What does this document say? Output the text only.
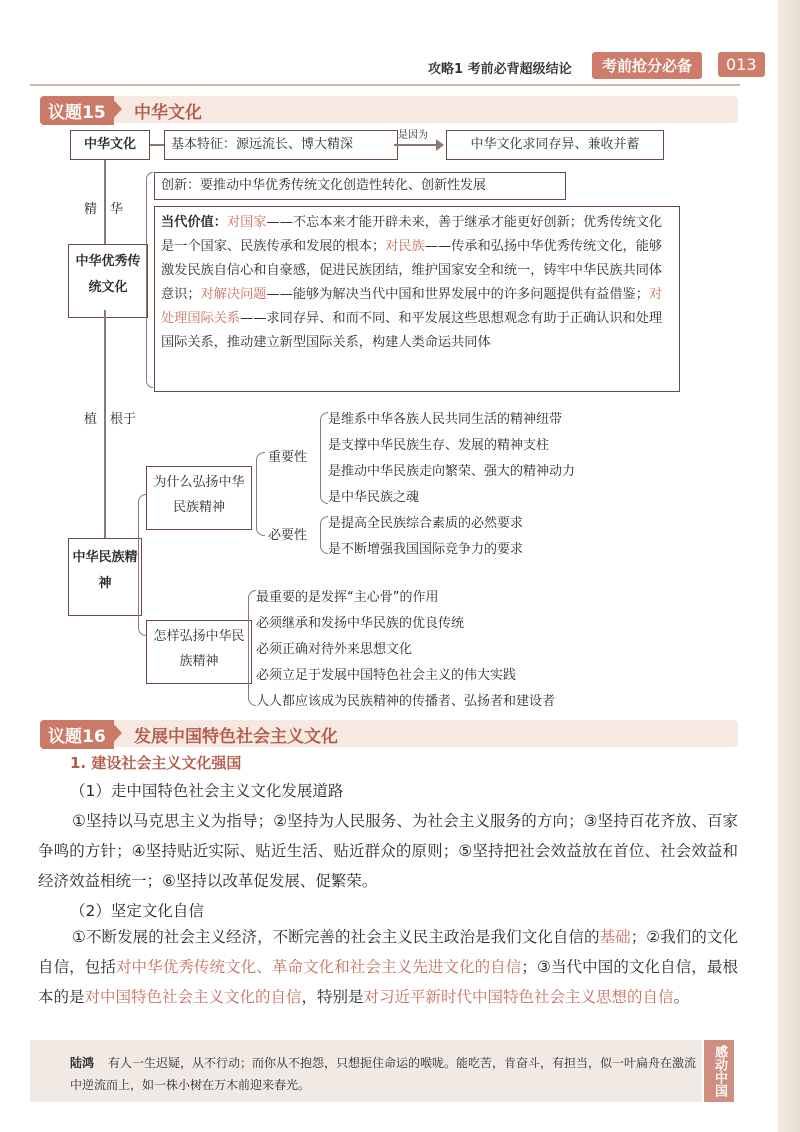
攻略1 考前必背超级结论	考前抢分必备	013
议题15	中华文化
中华文化	基本特征：源远流长、博大精深
是因为
中华文化求同存异、兼收并蓄
精　华
中华优秀传统文化
创新：要推动中华优秀传统文化创造性转化、创新性发展
当代价值：对国家——不忘本来才能开辟未来，善于继承才能更好创新；优秀传统文化是一个国家、民族传承和发展的根本；对民族——传承和弘扬中华优秀传统文化，能够激发民族自信心和自豪感，促进民族团结，维护国家安全和统一，铸牢中华民族共同体意识；对解决问题——能够为解决当代中国和世界发展中的许多问题提供有益借鉴；对处理国际关系——求同存异、和而不同、和平发展这些思想观念有助于正确认识和处理国际关系，推动建立新型国际关系，构建人类命运共同体
植　根于
中华民族精神
为什么弘扬中华民族精神
重要性
是维系中华各族人民共同生活的精神纽带
是支撑中华民族生存、发展的精神支柱
是推动中华民族走向繁荣、强大的精神动力
是中华民族之魂
必要性
是提高全民族综合素质的必然要求
是不断增强我国国际竞争力的要求
怎样弘扬中华民族精神
最重要的是发挥“主心骨”的作用
必须继承和发扬中华民族的优良传统
必须正确对待外来思想文化
必须立足于发展中国特色社会主义的伟大实践
人人都应该成为民族精神的传播者、弘扬者和建设者
议题16	发展中国特色社会主义文化
1. 建设社会主义文化强国
（1）走中国特色社会主义文化发展道路
①坚持以马克思主义为指导；②坚持为人民服务、为社会主义服务的方向；③坚持百花齐放、百家争鸣的方针；④坚持贴近实际、贴近生活、贴近群众的原则；⑤坚持把社会效益放在首位、社会效益和经济效益相统一；⑥坚持以改革促发展、促繁荣。
（2）坚定文化自信
①不断发展的社会主义经济，不断完善的社会主义民主政治是我们文化自信的基础；②我们的文化自信，包括对中华优秀传统文化、革命文化和社会主义先进文化的自信；③当代中国的文化自信，最根本的是对中国特色社会主义文化的自信，特别是对习近平新时代中国特色社会主义思想的自信。
陆鸿 有人一生迟疑，从不行动；而你从不抱怨，只想扼住命运的喉咙。能吃苦，肯奋斗，有担当，似一叶扁舟在激流中逆流而上，如一株小树在万木前迎来春光。	感动中国
